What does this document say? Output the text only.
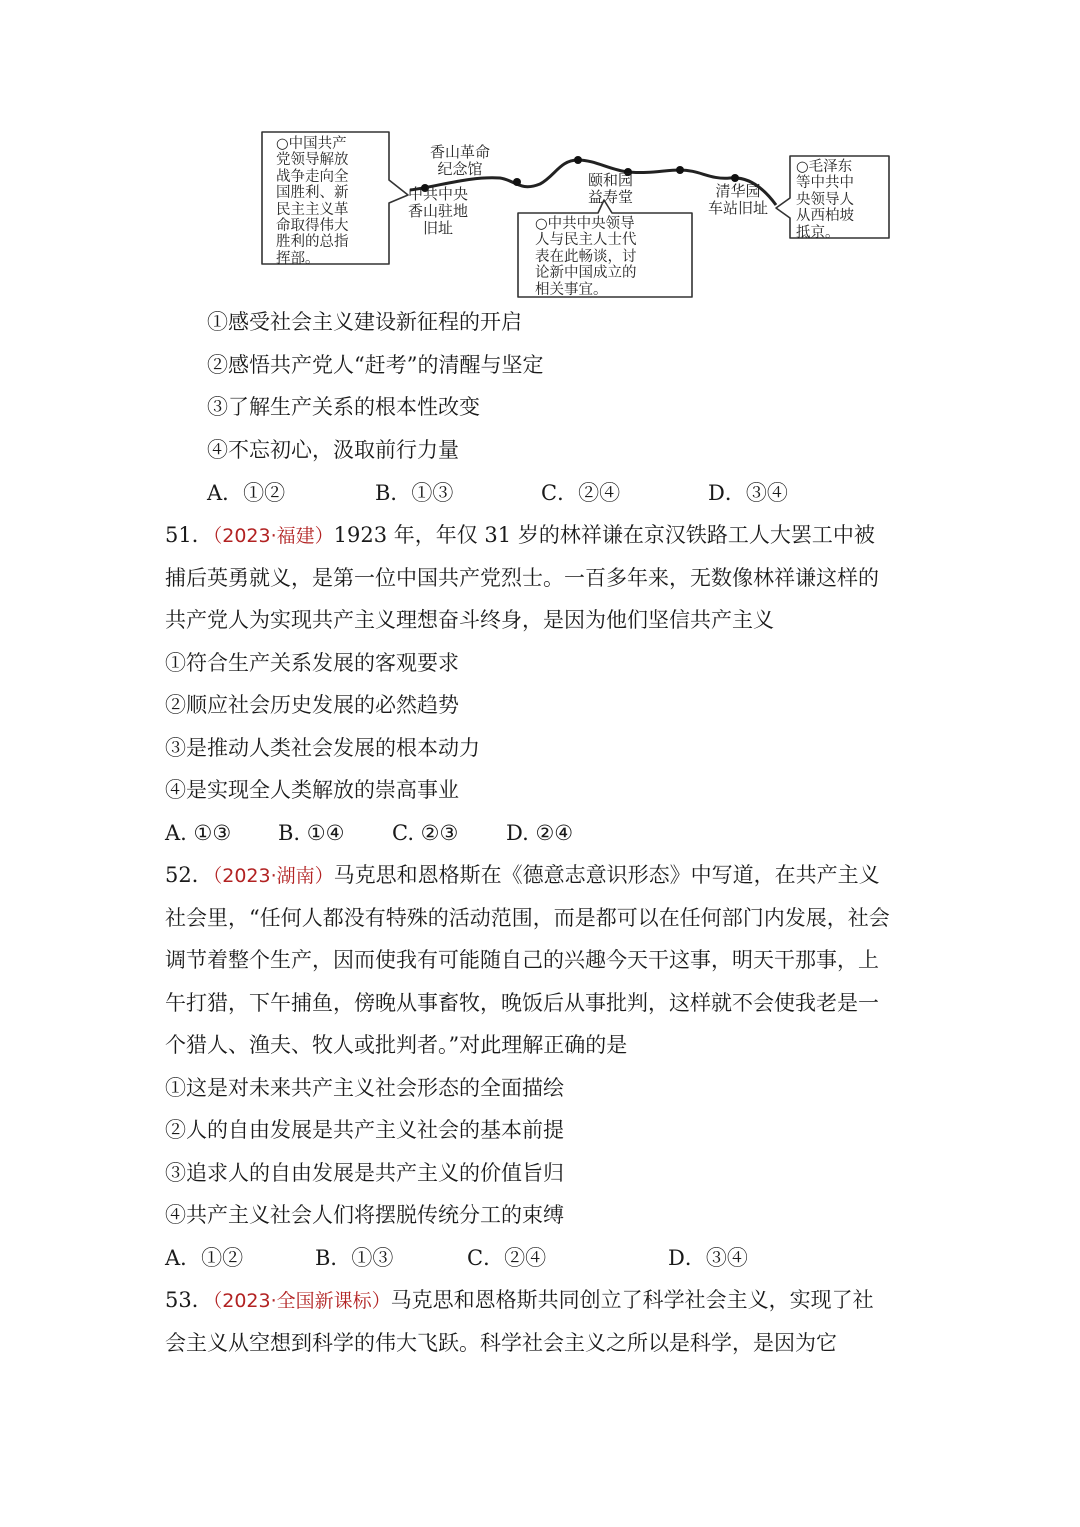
○中国共产
党领导解放
战争走向全
国胜利、新
民主主义革
命取得伟大
胜利的总指
挥部。
○中共中央领导
人与民主人士代
表在此畅谈，讨
论新中国成立的
相关事宜。
○毛泽东
等中共中
央领导人
从西柏坡
抵京。
香山革命
纪念馆
中共中央
香山驻地
旧址
颐和园
益寿堂	清华园
车站旧址
①感受社会主义建设新征程的开启
②感悟共产党人“赶考”的清醒与坚定
③了解生产关系的根本性改变
④不忘初心，汲取前行力量
A．①②	B．①③	C．②④	D．③④
51．（2023·福建）1923 年，年仅 31 岁的林祥谦在京汉铁路工人大罢工中被
捕后英勇就义，是第一位中国共产党烈士。一百多年来，无数像林祥谦这样的
共产党人为实现共产主义理想奋斗终身，是因为他们坚信共产主义
①符合生产关系发展的客观要求
②顺应社会历史发展的必然趋势
③是推动人类社会发展的根本动力
④是实现全人类解放的崇高事业
A. ①③ B. ①④ C. ②③ D. ②④
52．（2023·湖南）马克思和恩格斯在《德意志意识形态》中写道，在共产主义
社会里，“任何人都没有特殊的活动范围，而是都可以在任何部门内发展，社会
调节着整个生产，因而使我有可能随自己的兴趣今天干这事，明天干那事，上
午打猎，下午捕鱼，傍晚从事畜牧，晚饭后从事批判，这样就不会使我老是一
个猎人、渔夫、牧人或批判者。”对此理解正确的是
①这是对未来共产主义社会形态的全面描绘
②人的自由发展是共产主义社会的基本前提
③追求人的自由发展是共产主义的价值旨归
④共产主义社会人们将摆脱传统分工的束缚
A．①②	B．①③	C．②④	D．③④
53．（2023·全国新课标）马克思和恩格斯共同创立了科学社会主义，实现了社
会主义从空想到科学的伟大飞跃。科学社会主义之所以是科学，是因为它
